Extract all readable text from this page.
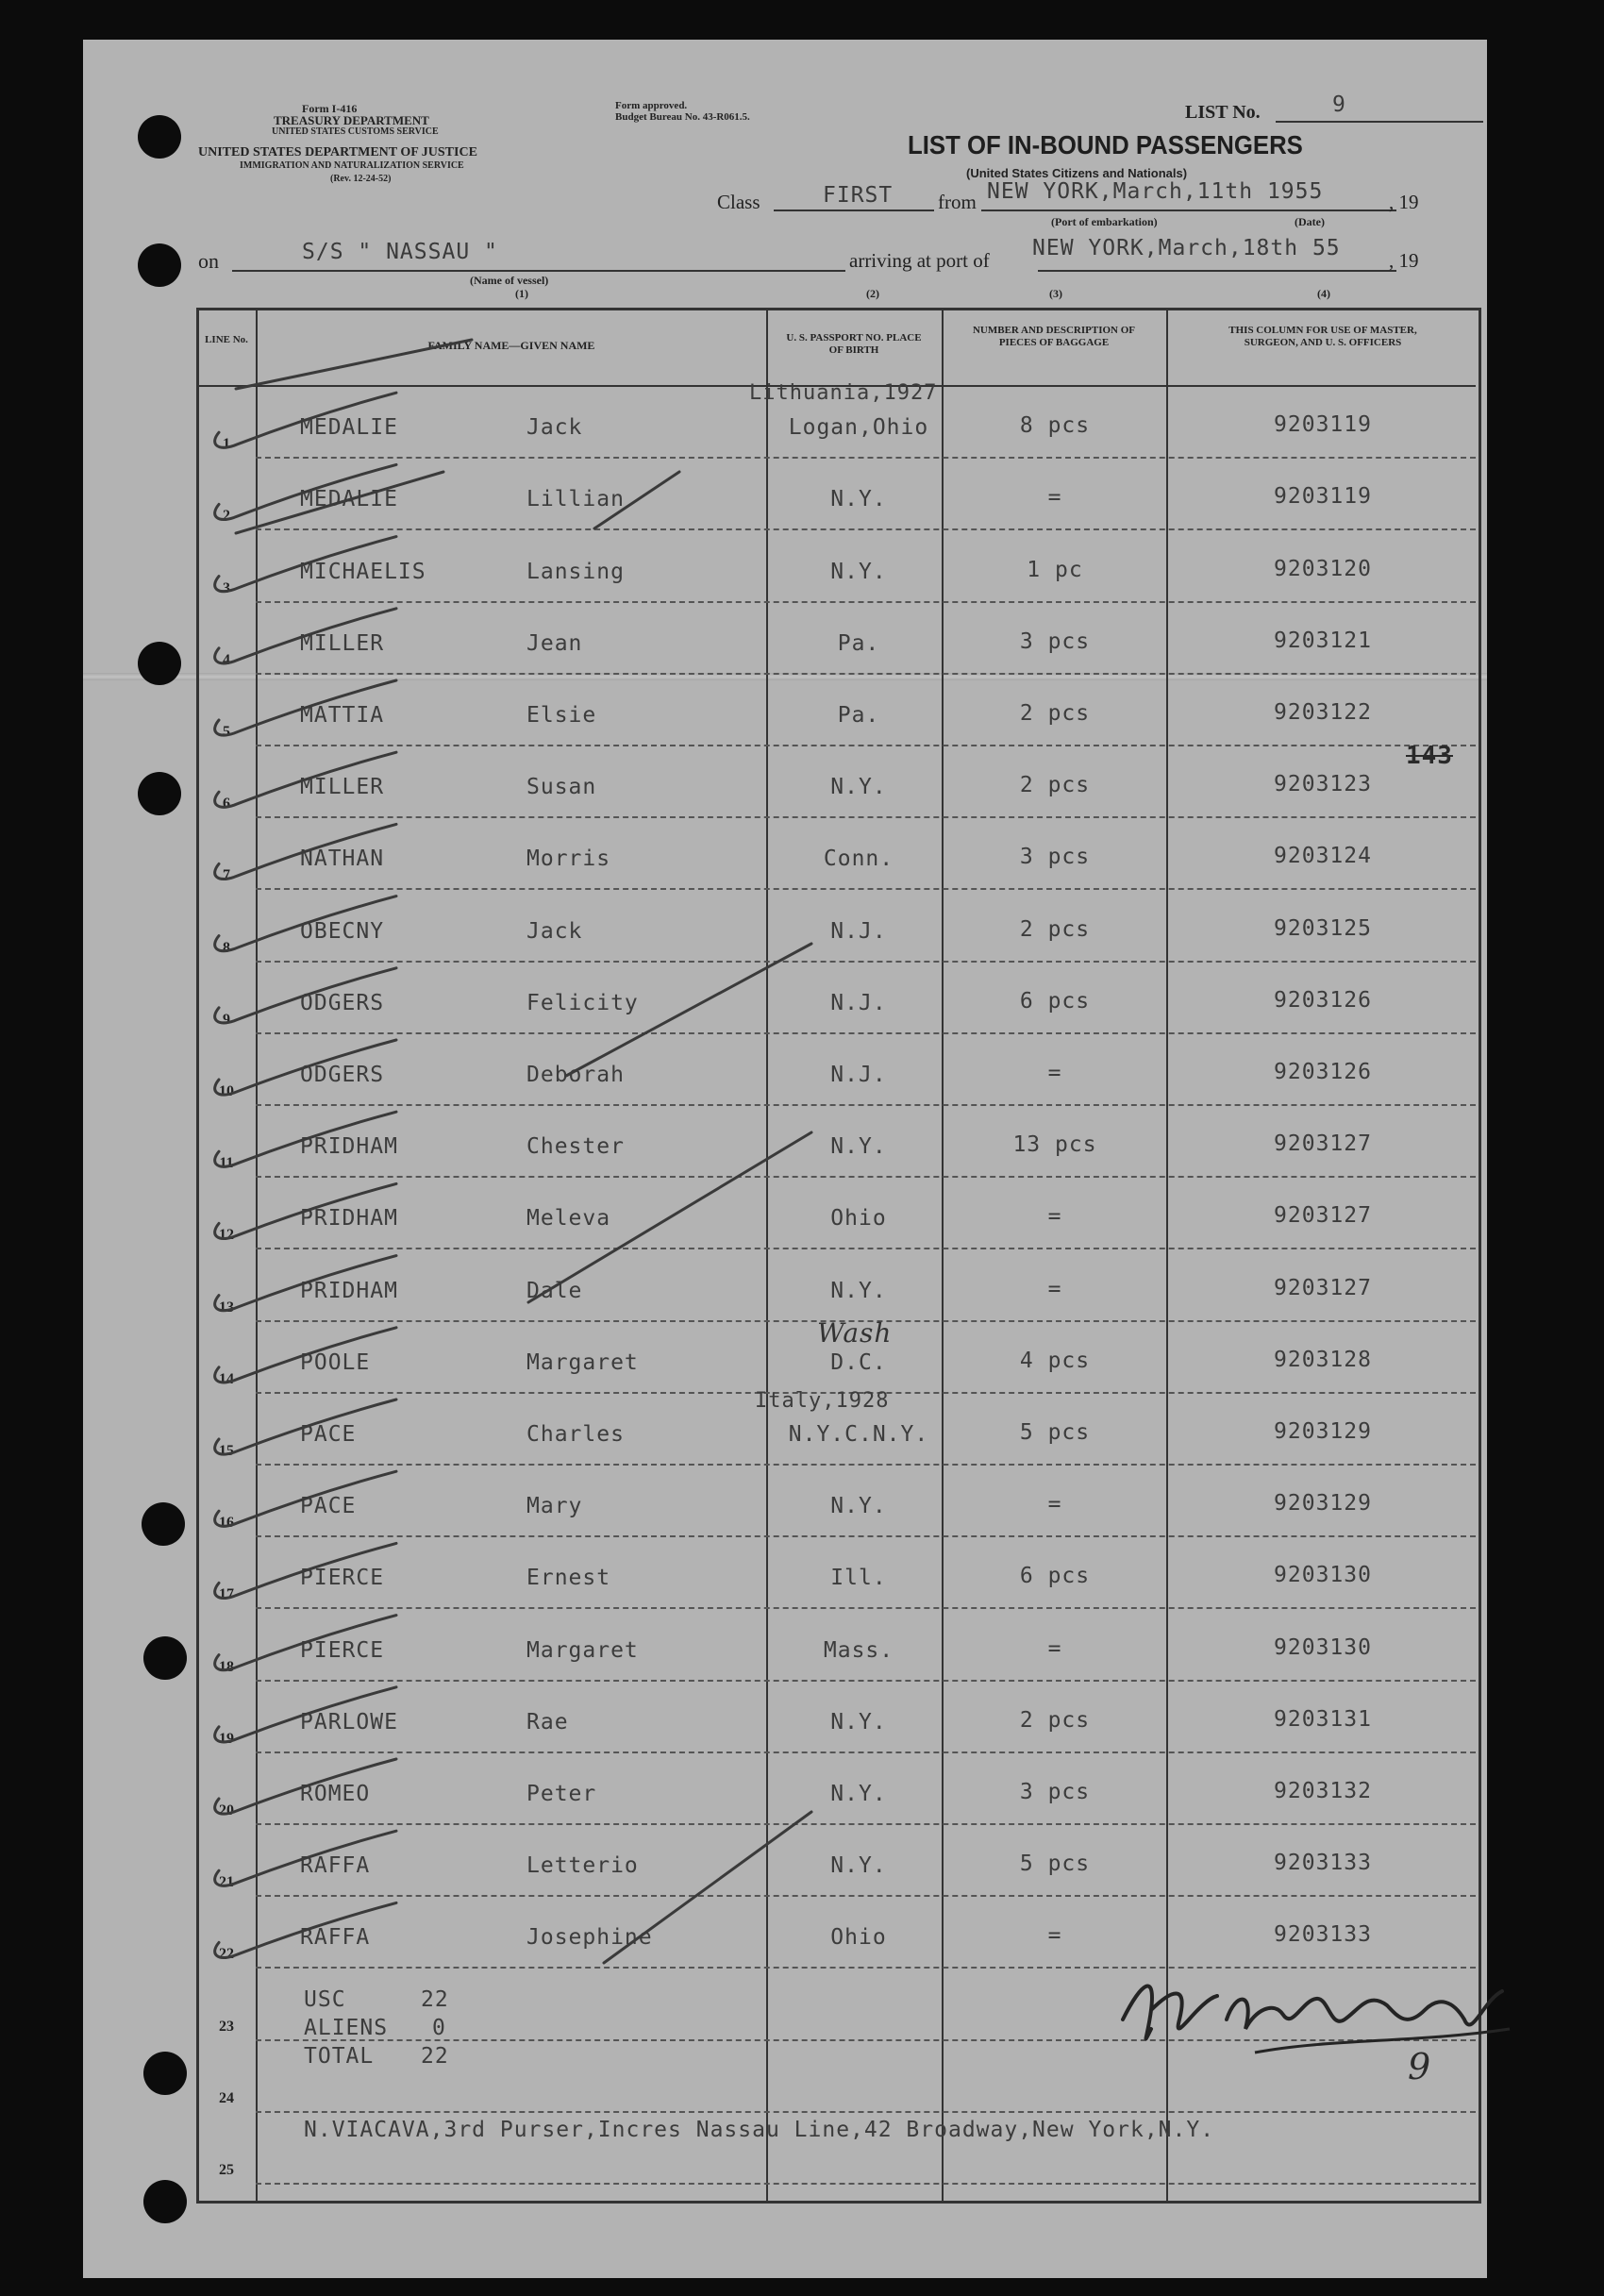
Form I-416
TREASURY DEPARTMENT
UNITED STATES CUSTOMS SERVICE
UNITED STATES DEPARTMENT OF JUSTICE
IMMIGRATION AND NATURALIZATION SERVICE
(Rev. 12-24-52)
Form approved.
Budget Bureau No. 43-R061.5.	LIST No.	9
LIST OF IN-BOUND PASSENGERS
(United States Citizens and Nationals)
Class	FIRST from NEW YORK,March,11th 1955	, 19
(Port of embarkation)	(Date)
on	S/S " NASSAU "
(Name of vessel)
arriving at port of NEW YORK,March,18th 55 , 19
(1)	(2)	(3)	(4)
LINE No.	FAMILY NAME—GIVEN NAME
U. S. PASSPORT NO. PLACE OF BIRTH
NUMBER AND DESCRIPTION OF PIECES OF BAGGAGE
THIS COLUMN FOR USE OF MASTER, SURGEON, AND U. S. OFFICERS
1
MEDALIE	Jack	Logan,Ohio	8 pcs	9203119
2
MEDALIE	Lillian	N.Y.	=	9203119
3
MICHAELIS	Lansing	N.Y.	1 pc	9203120
4
MILLER	Jean	Pa.	3 pcs	9203121
5
MATTIA	Elsie	Pa.	2 pcs	9203122
6
MILLER	Susan	N.Y.	2 pcs	9203123
7
NATHAN	Morris	Conn.	3 pcs	9203124
8
OBECNY	Jack	N.J.	2 pcs	9203125
9
ODGERS	Felicity	N.J.	6 pcs	9203126
10
ODGERS	Deborah	N.J.	=	9203126
11
PRIDHAM	Chester	N.Y.	13 pcs	9203127
12
PRIDHAM	Meleva	Ohio	=	9203127
13
PRIDHAM	Dale	N.Y.	=	9203127
14
POOLE	Margaret	D.C.	4 pcs	9203128
15
PACE	Charles	N.Y.C.N.Y.	5 pcs	9203129
16
PACE	Mary	N.Y.	=	9203129
17
PIERCE	Ernest	Ill.	6 pcs	9203130
18
PIERCE	Margaret	Mass.	=	9203130
19
PARLOWE	Rae	N.Y.	2 pcs	9203131
20
ROMEO	Peter	N.Y.	3 pcs	9203132
21
RAFFA	Letterio	N.Y.	5 pcs	9203133
22
RAFFA	Josephine	Ohio	=	9203133
23
24
25
Lithuania,1927
Wash
Italy,1928
143
9
USC	22
ALIENS 0
TOTAL 22
N.VIACAVA,3rd Purser,Incres Nassau Line,42 Broadway,New York,N.Y.
